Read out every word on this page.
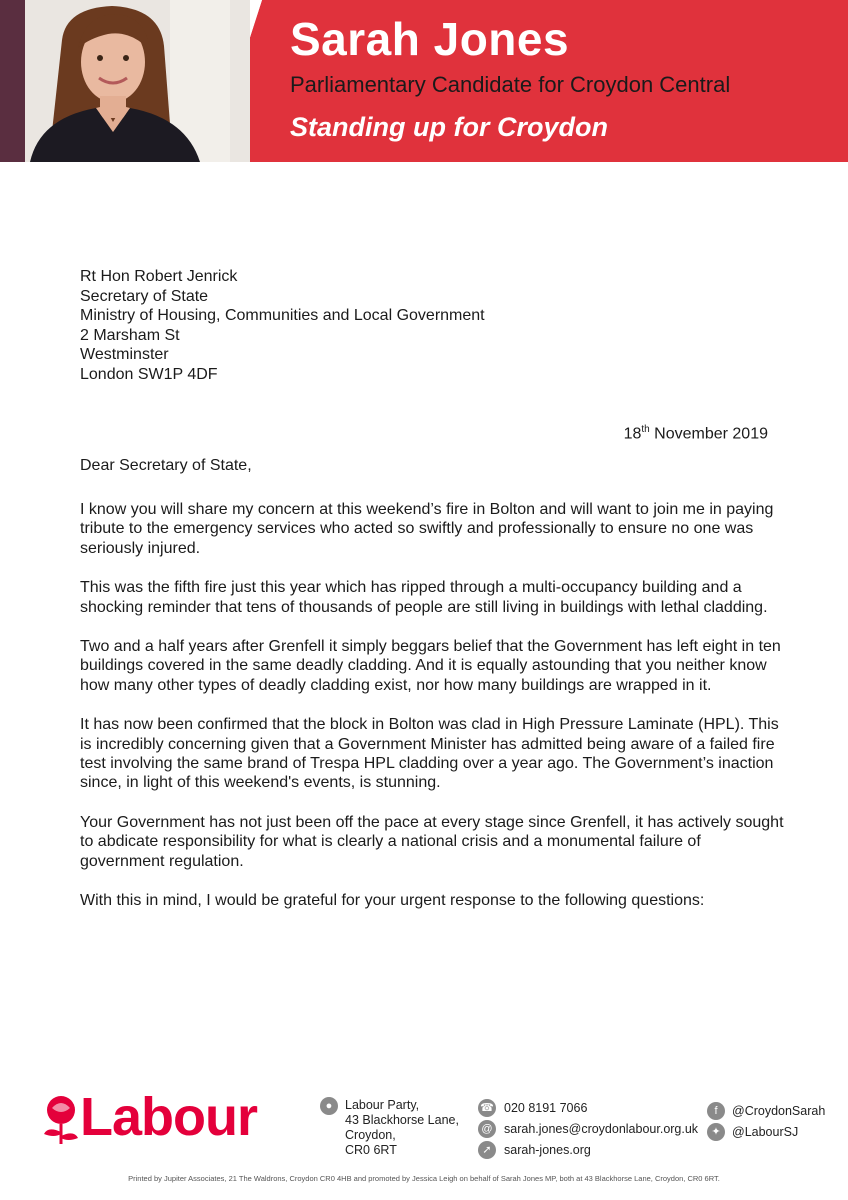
Sarah Jones
Parliamentary Candidate for Croydon Central
Standing up for Croydon
Rt Hon Robert Jenrick
Secretary of State
Ministry of Housing, Communities and Local Government
2 Marsham St
Westminster
London SW1P 4DF
18th November 2019
Dear Secretary of State,

I know you will share my concern at this weekend’s fire in Bolton and will want to join me in paying tribute to the emergency services who acted so swiftly and professionally to ensure no one was seriously injured.

This was the fifth fire just this year which has ripped through a multi-occupancy building and a shocking reminder that tens of thousands of people are still living in buildings with lethal cladding.

Two and a half years after Grenfell it simply beggars belief that the Government has left eight in ten buildings covered in the same deadly cladding. And it is equally astounding that you neither know how many other types of deadly cladding exist, nor how many buildings are wrapped in it.

It has now been confirmed that the block in Bolton was clad in High Pressure Laminate (HPL). This is incredibly concerning given that a Government Minister has admitted being aware of a failed fire test involving the same brand of Trespa HPL cladding over a year ago. The Government’s inaction since, in light of this weekend's events, is stunning.

Your Government has not just been off the pace at every stage since Grenfell, it has actively sought to abdicate responsibility for what is clearly a national crisis and a monumental failure of government regulation.

With this in mind, I would be grateful for your urgent response to the following questions:

Labour	●	Labour Party,
43 Blackhorse Lane,
Croydon,
CR0 6RT
☎ 020 8191 7066
@ sarah.jones@croydonlabour.org.uk
➚ sarah-jones.org
f	@CroydonSarah
✦ @LabourSJ
Printed by Jupiter Associates, 21 The Waldrons, Croydon CR0 4HB and promoted by Jessica Leigh on behalf of Sarah Jones MP, both at 43 Blackhorse Lane, Croydon, CR0 6RT.
